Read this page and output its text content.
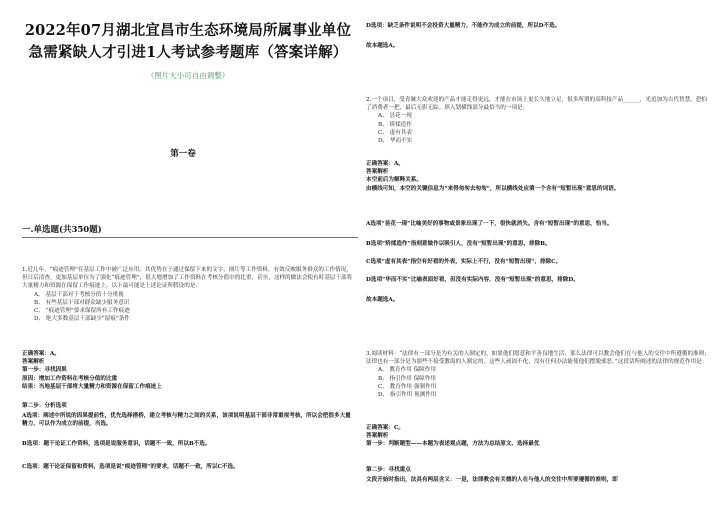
2022年07月湖北宜昌市生态环境局所属事业单位急需紧缺人才引进1人考试参考题库（答案详解）
（图片大小可自由调整）
第一卷
一.单选题(共350题)
1.近几年，“痕迹管理”在基层工作中被广泛应用。其优势在于通过保留下来的文字、图片等工作资料，有效反映服务群众的工作情况，但日后清查，更加基层单位为了强化“痕迹管理”，很大地增加了工作资料在考核分值中的比重，甚至，这样的做法会使有时基层干部将大量精力和资源在保留工作痕迹上。以下最可能是上述论证所假设的是：
A、 基层干部对于考核分值十分重视
B、 有些基层干部对群众缺少服务意识
C、 “痕迹管理”要求保留所有工作痕迹
D、 绝大多数基层干部缺少“留痕”条件
正确答案：A。
答案解析
第一步：寻找因果
原因：增加工作资料在考核分值的比重
结果：当地基层干部将大量精力和资源在保留工作痕迹上
第二步：分析选项
A选项：阐述中所说的因果提前性，优先选择搭桥，建立考核与精力之间的关系，该项说明基层干部非常重视考核，所以会把很多大量精力，可以作为成立的前提，当选。
B选项：题干论证工作资料，选项是说服务意识，话题不一致，所以B不选。
C选项：题干论证保留和资料，选项是说“痕迹管理”的要求，话题不一致，所以C不选。
D选项：缺乏条件说明不会投资大量精力，不能作为成立的前提，所以D不选。
故本题选A。
2.一个项目，受青睐大众欢迎的产品才能走得更远，才能在市场上更长久地立足，很多所谓的高科技产品______，光追加为古代智慧，恐怕了消费者一把，最后无影无踪。填入划横线部分最恰当的一项是：
A、 昙花一现
B、 矫揉造作
C、 虚有其表
D、 华而不实
正确答案：A。
答案解析
本空前后为解释关系。
由横线可知，本空的关键信息为“来得匆匆去匆匆”，所以横线处应填一个含有“短暂出现”意思的词语。
A选项“昙花一现”比喻美好的事物或景象出现了一下，很快就消失。含有“短暂出现”的意思，恰当。
B选项“矫揉造作”指刻意做作以吸引人，没有“短暂出现”的意思，排除B。
C选项“虚有其表”指空有好看的外表，实际上不行，没有“短暂出现”，排除C。
D选项“华而不实”比喻表面好看，但没有实际内容，没有“短暂出现”的意思，排除D。
故本题选A。
3.阅读材料：“法律有一部分是为有关的人制定的，如果他们愿意和平善良地生活，那么法律可以教会他们在与他人的交往中所遵循的准则；法律也有一部分是为那些不接受教诲的人制定的，这些人顽固不化，没有任何办法能使他们摆脱邪恶。”这段话所阐述的法律的规范作用是：
A、 教育作用 保障作用
B、 指引作用 保障作用
C、 教育作用 强制作用
D、 指引作用 预测作用
正确答案：C。
答案解析
第一步：判断题型——本题为表述观点题，方法为总结原文、选择最优
第二步：寻找重点
文段开始时指出，法具有两层含义：一是，法律教会有关德的人在与他人的交往中所要遵循的准则，即
